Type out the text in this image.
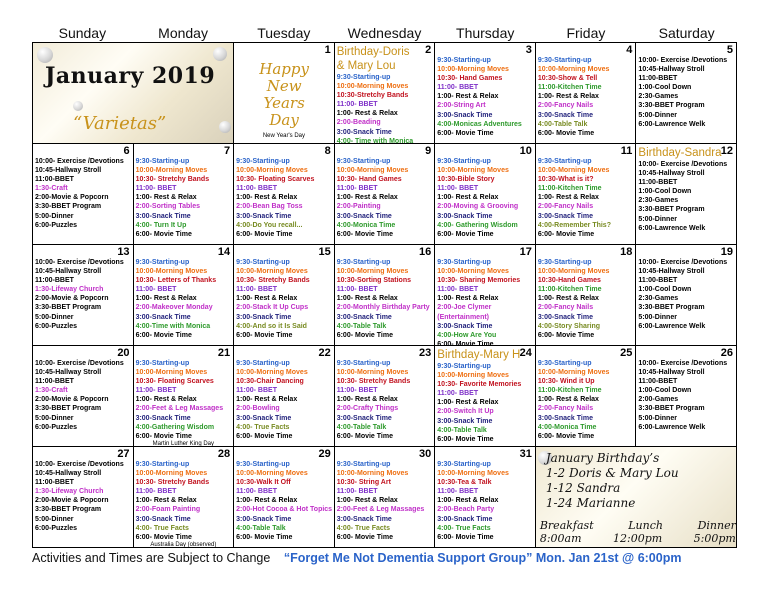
Sunday	Monday	Tuesday	Wednesday	Thursday	Friday	Saturday
January 2019
“Varietas”
1
Happy
New Years
Day
New Year's Day
2
Birthday-Doris & Mary Lou
9:30-Starting-up
10:00-Morning Moves
10:30-Stretchy Bands
11:00- BBET
1:00- Rest & Relax
2:00-Beading
3:00-Snack Time
4:00- Time with Monica
3
9:30-Starting-up
10:00-Morning Moves
10:30- Hand Games
11:00- BBET
1:00- Rest & Relax
2:00-String Art
3:00-Snack Time
4:00-Monicas Adventures
6:00- Movie Time
4
9:30-Starting-up
10:00-Morning Moves
10:30-Show & Tell
11:00-Kitchen Time
1:00- Rest & Relax
2:00-Fancy Nails
3:00-Snack Time
4:00-Table Talk
6:00- Movie Time
5
10:00- Exercise /Devotions
10:45-Hallway Stroll
11:00-BBET
1:00-Cool Down
2:30-Games
3:30-BBET Program
5:00-Dinner
6:00-Lawrence Welk
6
10:00- Exercise /Devotions
10:45-Hallway Stroll
11:00-BBET
1:30-Craft
2:00-Movie & Popcorn
3:30-BBET Program
5:00-Dinner
6:00-Puzzles
7
9:30-Starting-up
10:00-Morning Moves
10:30- Stretchy Bands
11:00- BBET
1:00- Rest & Relax
2:00-Sorting Tables
3:00-Snack Time
4:00- Turn It Up
6:00- Movie Time
8
9:30-Starting-up
10:00-Morning Moves
10:30- Floating Scarves
11:00- BBET
1:00- Rest & Relax
2:00-Bean Bag Toss
3:00-Snack Time
4:00-Do You recall...
6:00- Movie Time
9
9:30-Starting-up
10:00-Morning Moves
10:30- Hand Games
11:00- BBET
1:00- Rest & Relax
2:00-Painting
3:00-Snack Time
4:00-Monica Time
6:00- Movie Time
10
9:30-Starting-up
10:00-Morning Moves
10:30-Bible Story
11:00- BBET
1:00- Rest & Relax
2:00-Moving & Grooving
3:00-Snack Time
4:00- Gathering Wisdom
6:00- Movie Time
11
9:30-Starting-up
10:00-Morning Moves
10:30-What is it?
11:00-Kitchen Time
1:00- Rest & Relax
2:00-Fancy Nails
3:00-Snack Time
4:00-Remember This?
6:00- Movie Time
12
Birthday-Sandra
10:00- Exercise /Devotions
10:45-Hallway Stroll
11:00-BBET
1:00-Cool Down
2:30-Games
3:30-BBET Program
5:00-Dinner
6:00-Lawrence Welk
13
10:00- Exercise /Devotions
10:45-Hallway Stroll
11:00-BBET
1:30-Lifeway Church
2:00-Movie & Popcorn
3:30-BBET Program
5:00-Dinner
6:00-Puzzles
14
9:30-Starting-up
10:00-Morning Moves
10:30- Letters of Thanks
11:00- BBET
1:00- Rest & Relax
2:00-Makeover Monday
3:00-Snack Time
4:00-Time with Monica
6:00- Movie Time
15
9:30-Starting-up
10:00-Morning Moves
10:30- Stretchy Bands
11:00- BBET
1:00- Rest & Relax
2:00-Stack It Up Cups
3:00-Snack Time
4:00-And so it Is Said
6:00- Movie Time
16
9:30-Starting-up
10:00-Morning Moves
10:30-Sorting Stations
11:00- BBET
1:00- Rest & Relax
2:00-Monthly Birthday Party
3:00-Snack Time
4:00-Table Talk
6:00- Movie Time
17
9:30-Starting-up
10:00-Morning Moves
10:30- Sharing Memories
11:00- BBET
1:00- Rest & Relax
2:00-Joe Clymer
(Entertainment)
3:00-Snack Time
4:00-How Are You
6:00- Movie Time
18
9:30-Starting-up
10:00-Morning Moves
10:30-Hand Games
11:00-Kitchen Time
1:00- Rest & Relax
2:00-Fancy Nails
3:00-Snack Time
4:00-Story Sharing
6:00- Movie Time
19
10:00- Exercise /Devotions
10:45-Hallway Stroll
11:00-BBET
1:00-Cool Down
2:30-Games
3:30-BBET Program
5:00-Dinner
6:00-Lawrence Welk
20
10:00- Exercise /Devotions
10:45-Hallway Stroll
11:00-BBET
1:30-Craft
2:00-Movie & Popcorn
3:30-BBET Program
5:00-Dinner
6:00-Puzzles
21
9:30-Starting-up
10:00-Morning Moves
10:30- Floating Scarves
11:00- BBET
1:00- Rest & Relax
2:00-Feet & Leg Massages
3:00-Snack Time
4:00-Gathering Wisdom
6:00- Movie Time
Martin Luther King Day
22
9:30-Starting-up
10:00-Morning Moves
10:30-Chair Dancing
11:00- BBET
1:00- Rest & Relax
2:00-Bowling
3:00-Snack Time
4:00- True Facts
6:00- Movie Time
23
9:30-Starting-up
10:00-Morning Moves
10:30- Stretchy Bands
11:00- BBET
1:00- Rest & Relax
2:00-Crafty Things
3:00-Snack Time
4:00-Table Talk
6:00- Movie Time
24
Birthday-Mary H
9:30-Starting-up
10:00-Morning Moves
10:30- Favorite Memories
11:00- BBET
1:00- Rest & Relax
2:00-Switch It Up
3:00-Snack Time
4:00-Table Talk
6:00- Movie Time
25
9:30-Starting-up
10:00-Morning Moves
10:30- Wind it Up
11:00-Kitchen Time
1:00- Rest & Relax
2:00-Fancy Nails
3:00-Snack Time
4:00-Monica Time
6:00- Movie Time
26
10:00- Exercise /Devotions
10:45-Hallway Stroll
11:00-BBET
1:00-Cool Down
2:00-Games
3:30-BBET Program
5:00-Dinner
6:00-Lawrence Welk
27
10:00- Exercise /Devotions
10:45-Hallway Stroll
11:00-BBET
1:30-Lifeway Church
2:00-Movie & Popcorn
3:30-BBET Program
5:00-Dinner
6:00-Puzzles
28
9:30-Starting-up
10:00-Morning Moves
10:30- Stretchy Bands
11:00- BBET
1:00- Rest & Relax
2:00-Foam Painting
3:00-Snack Time
4:00- True Facts
6:00- Movie Time
Australia Day (observed)
29
9:30-Starting-up
10:00-Morning Moves
10:30-Walk It Off
11:00- BBET
1:00- Rest & Relax
2:00-Hot Cocoa & Hot Topics
3:00-Snack Time
4:00-Table Talk
6:00- Movie Time
30
9:30-Starting-up
10:00-Morning Moves
10:30- String Art
11:00- BBET
1:00- Rest & Relax
2:00-Feet & Leg Massages
3:00-Snack Time
4:00- True Facts
6:00- Movie Time
31
9:30-Starting-up
10:00-Morning Moves
10:30-Tea & Talk
11:00- BBET
1:00- Rest & Relax
2:00-Beach Party
3:00-Snack Time
4:00- True Facts
6:00- Movie Time
January Birthday’s
1-2 Doris & Mary Lou
1-12 Sandra
1-24 Marianne
Breakfast	Lunch	Dinner
8:00am	12:00pm	5:00pm
Activities and Times are Subject to Change “Forget Me Not Dementia Support Group” Mon. Jan 21st @ 6:00pm
